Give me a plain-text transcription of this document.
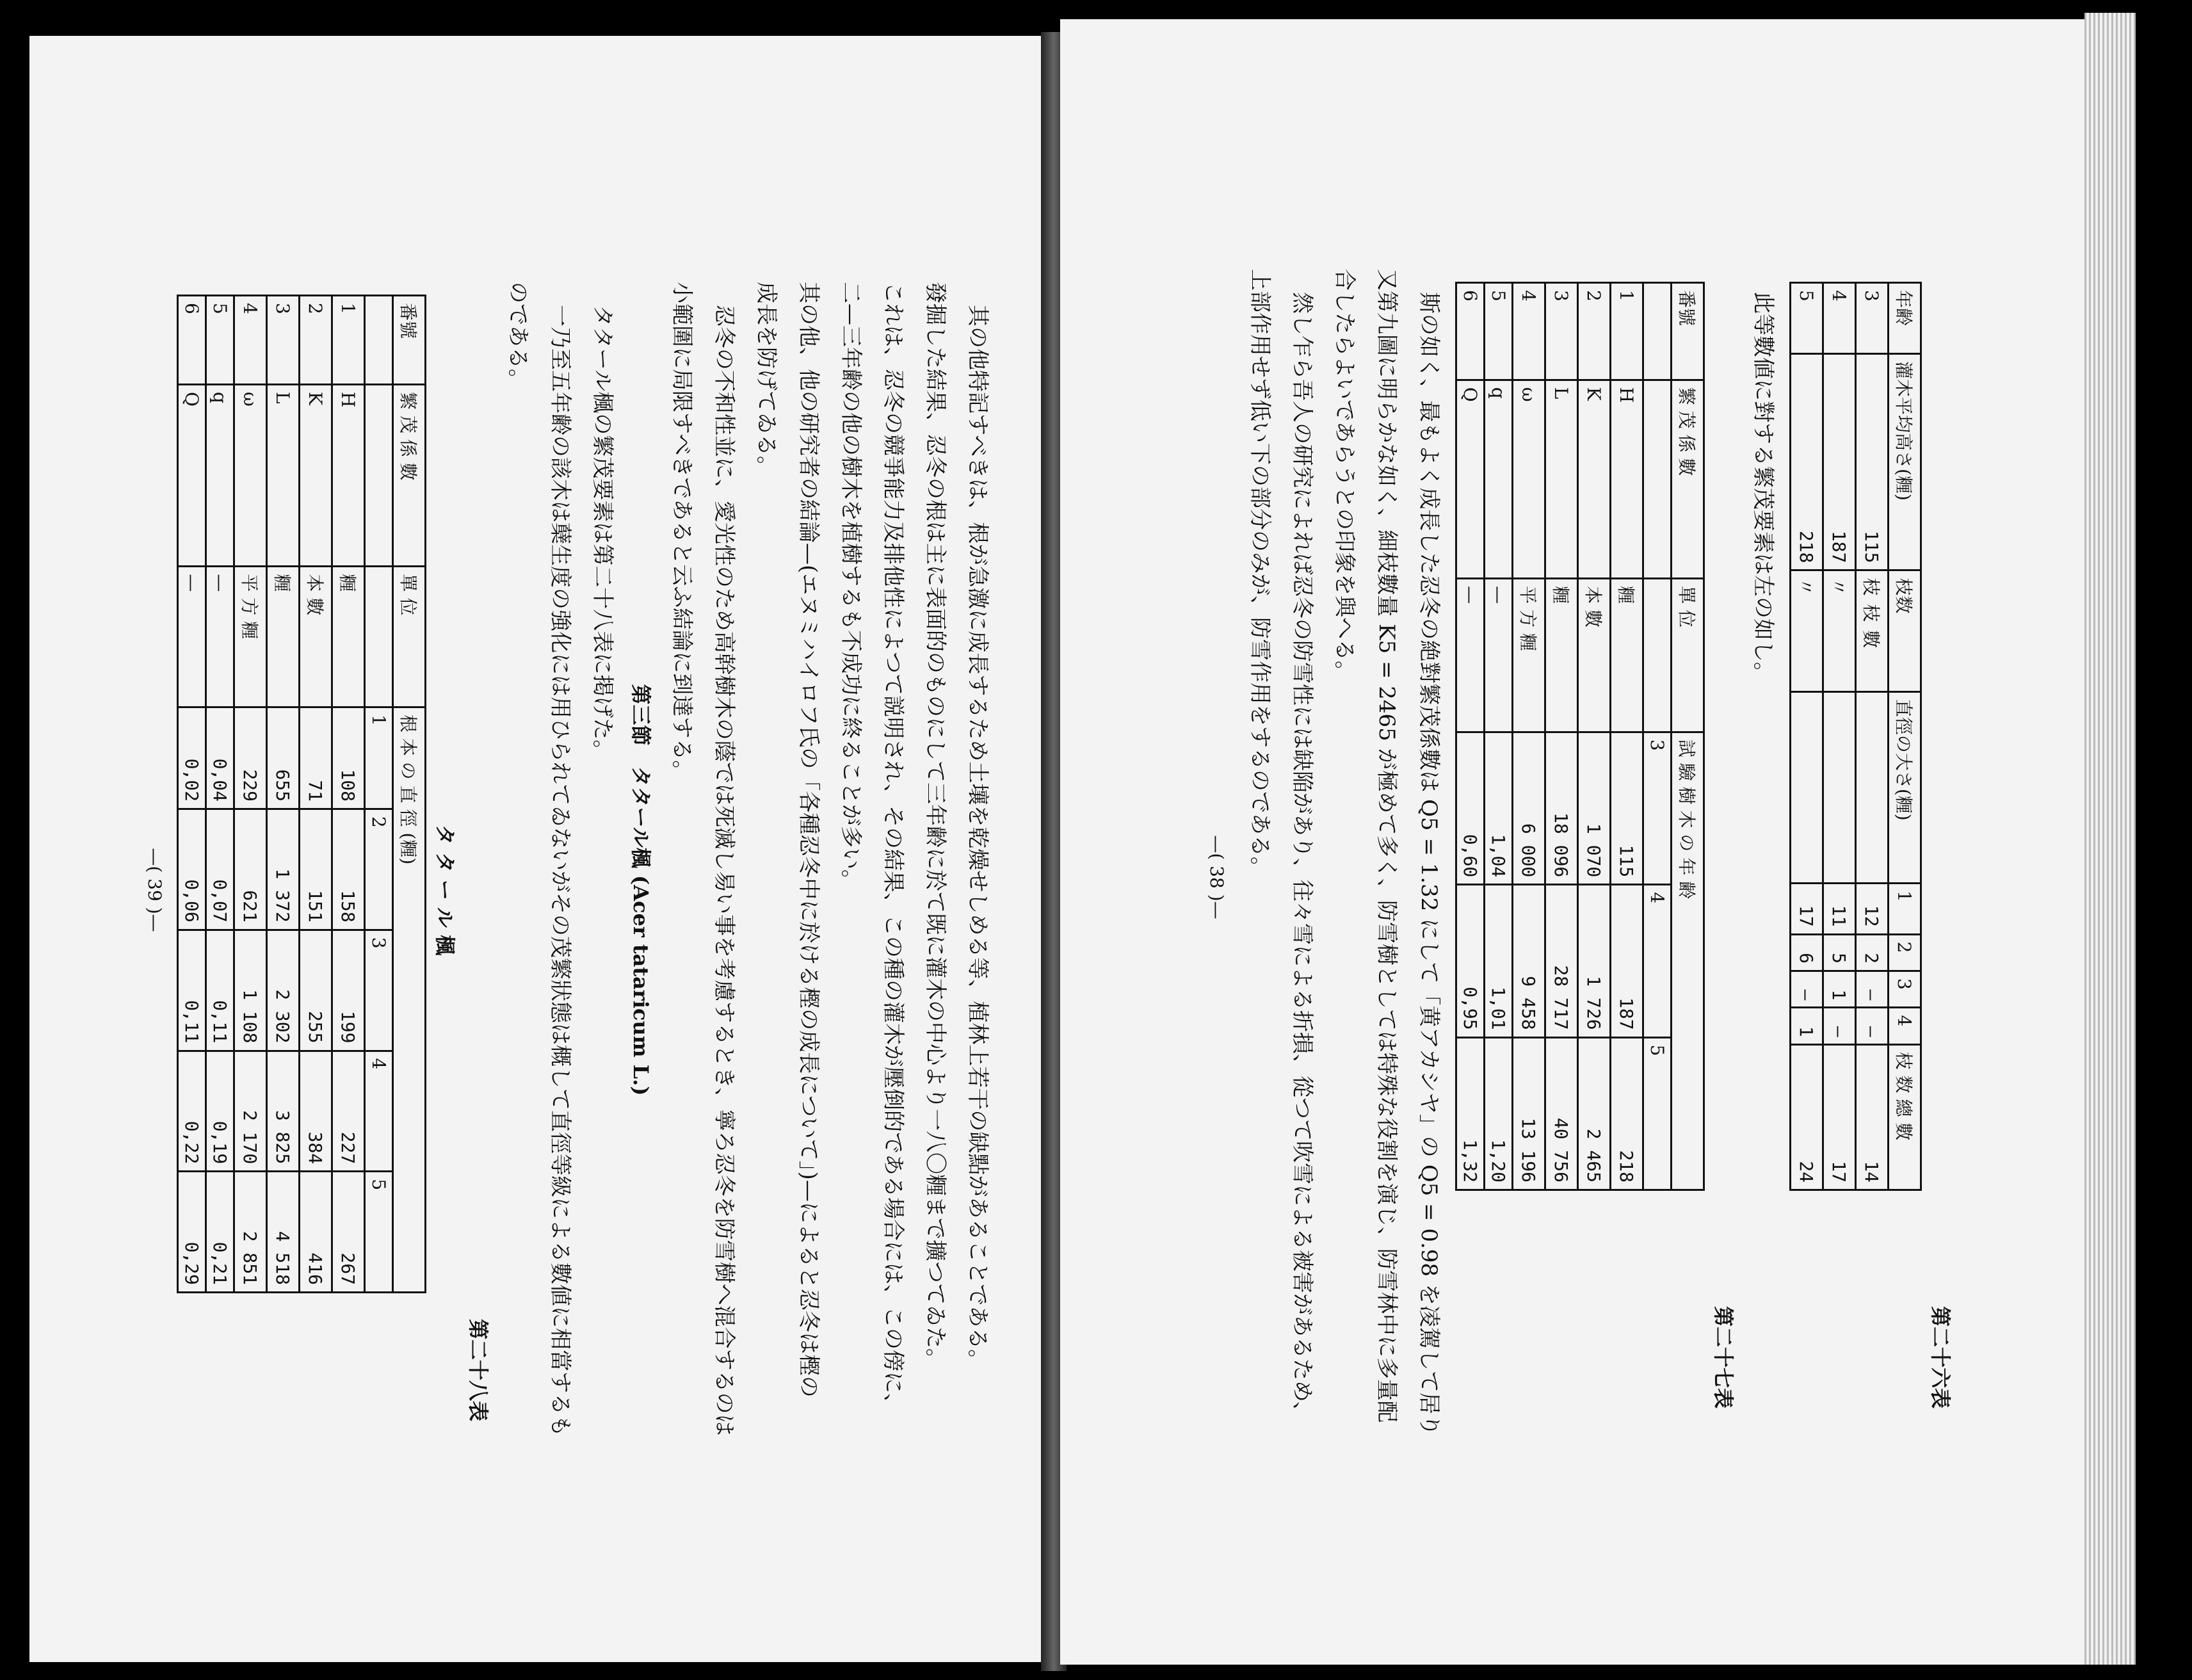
第二十六表
年齢	灌木平均高さ(糎)	枝数	直徑の大さ(糎)	1	2	3	4	枝 数 總 數
3	115	枝 枝 數		12	2	—	—	14
4	187	〃		11	5	1	—	17
5	218	〃		17	6	—	1	24
此等數値に對する繁茂要素は左の如し。
第二十七表
番號	繁 茂 係 數	單 位	試 驗 樹 木 の 年 齢		
			3	4	5
1	H	糎	115	187	218
2	K	本 數	1 070	1 726	2 465
3	L	糎	18 096	28 717	40 756
4	ω	平 方 糎	6 000	9 458	13 196
5	q	—	1,04	1,01	1,20
6	Q	—	0,60	0,95	1,32
斯の如く、最もよく成長した忍冬の絶對繁茂係數は Q5 = 1.32 にして「黄アカシヤ」の Q5 = 0.98 を凌駕して居り
又第九圖に明らかな如く、細枝數量 K5 = 2465 が極めて多く、防雪樹としては特殊な役割を演じ、防雪林中に多量配
合したらよいであらうとの印象を與へる。
然し乍ら吾人の研究によれば忍冬の防雪性には缺陥があり、往々雪による折損、從つて吹雪による被害があるため、
上部作用せず低い下の部分のみが、防雪作用をするのである。
—( 38 )—
其の他特記すべきは、根が急激に成長するため土壤を乾燥せしめる等、植林上若干の缺點があることである。
發掘した結果、忍冬の根は主に表面的のものにして三年齢に於て既に灌木の中心より一八〇糎まで擴つてゐた。
これは、忍冬の競爭能力及排他性によつて説明され、その結果、この種の灌木が壓倒的である場合には、この傍に、
二—三年齢の他の樹木を植樹するも不成功に終ることが多い。
其の他、他の研究者の結論—(エヌミハイロフ氏の「各種忍冬中に於ける樫の成長について」)—によると忍冬は樫の
成長を防げてゐる。
忍冬の不和性並に、愛光性のため高幹樹木の蔭では死滅し易い事を考慮するとき、寧ろ忍冬を防雪樹へ混合するのは
小範圍に局限すべきであると云ふ結論に到達する。
第三節　タタール楓 (Acer tataricum L.)
タタール楓の繁茂要素は第二十八表に掲げた。
一乃至五年齢の該木は蘖生度の強化には用ひられてゐないがその茂繁狀態は概して直徑等級による數値に相當するも
のである。
第二十八表
タ タ ー ル 楓
番號	繁 茂 係 數	單 位	根 本 の 直 徑 (糎)				
			1	2	3	4	5
1	H	糎	108	158	199	227	267
2	K	本 數	71	151	255	384	416
3	L	糎	655	1 372	2 302	3 825	4 518
4	ω	平 方 糎	229	621	1 108	2 170	2 851
5	q	—	0,04	0,07	0,11	0,19	0,21
6	Q	—	0,02	0,06	0,11	0,22	0,29
—( 39 )—
